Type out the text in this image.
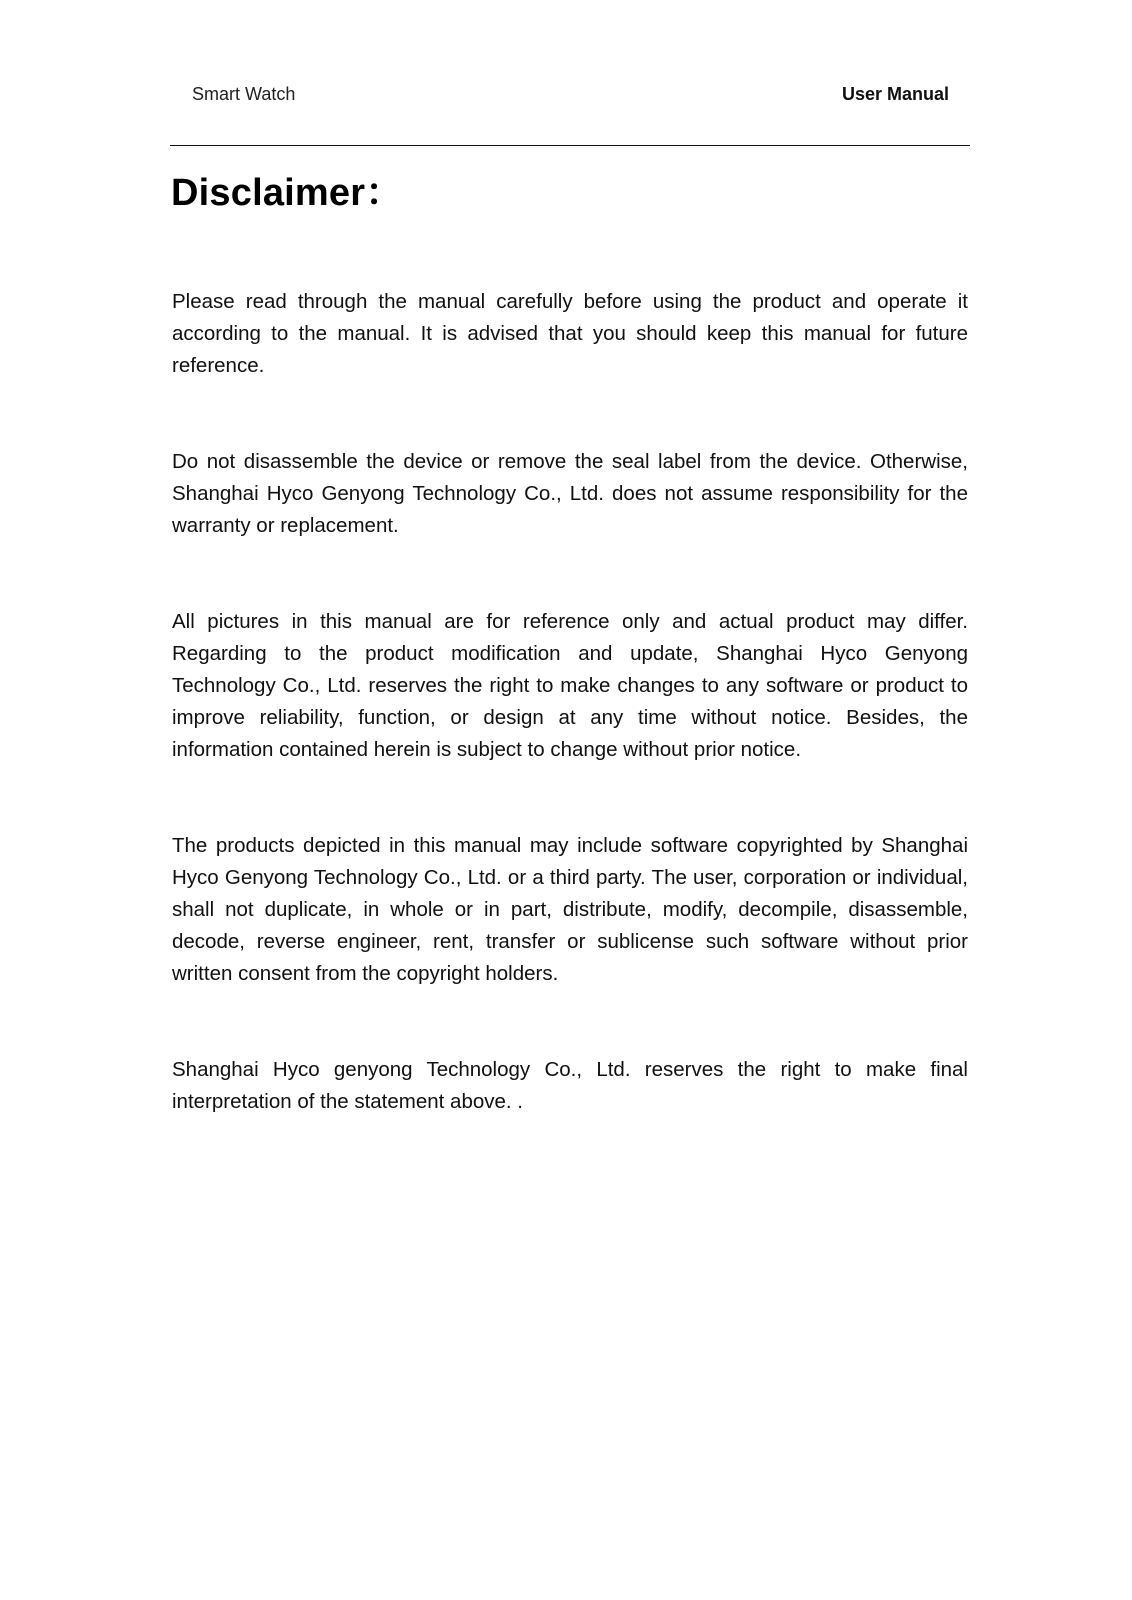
Smart Watch	User Manual
Disclaimer：

Please read through the manual carefully before using the product and operate it according to the manual. It is advised that you should keep this manual for future reference.

Do not disassemble the device or remove the seal label from the device. Otherwise, Shanghai Hyco Genyong Technology Co., Ltd. does not assume responsibility for the warranty or replacement.

All pictures in this manual are for reference only and actual product may differ. Regarding to the product modification and update, Shanghai Hyco Genyong Technology Co., Ltd. reserves the right to make changes to any software or product to improve reliability, function, or design at any time without notice. Besides, the information contained herein is subject to change without prior notice.

The products depicted in this manual may include software copyrighted by Shanghai Hyco Genyong Technology Co., Ltd. or a third party. The user, corporation or individual, shall not duplicate, in whole or in part, distribute, modify, decompile, disassemble, decode, reverse engineer, rent, transfer or sublicense such software without prior written consent from the copyright holders.

Shanghai Hyco genyong Technology Co., Ltd. reserves the right to make final interpretation of the statement above. .
